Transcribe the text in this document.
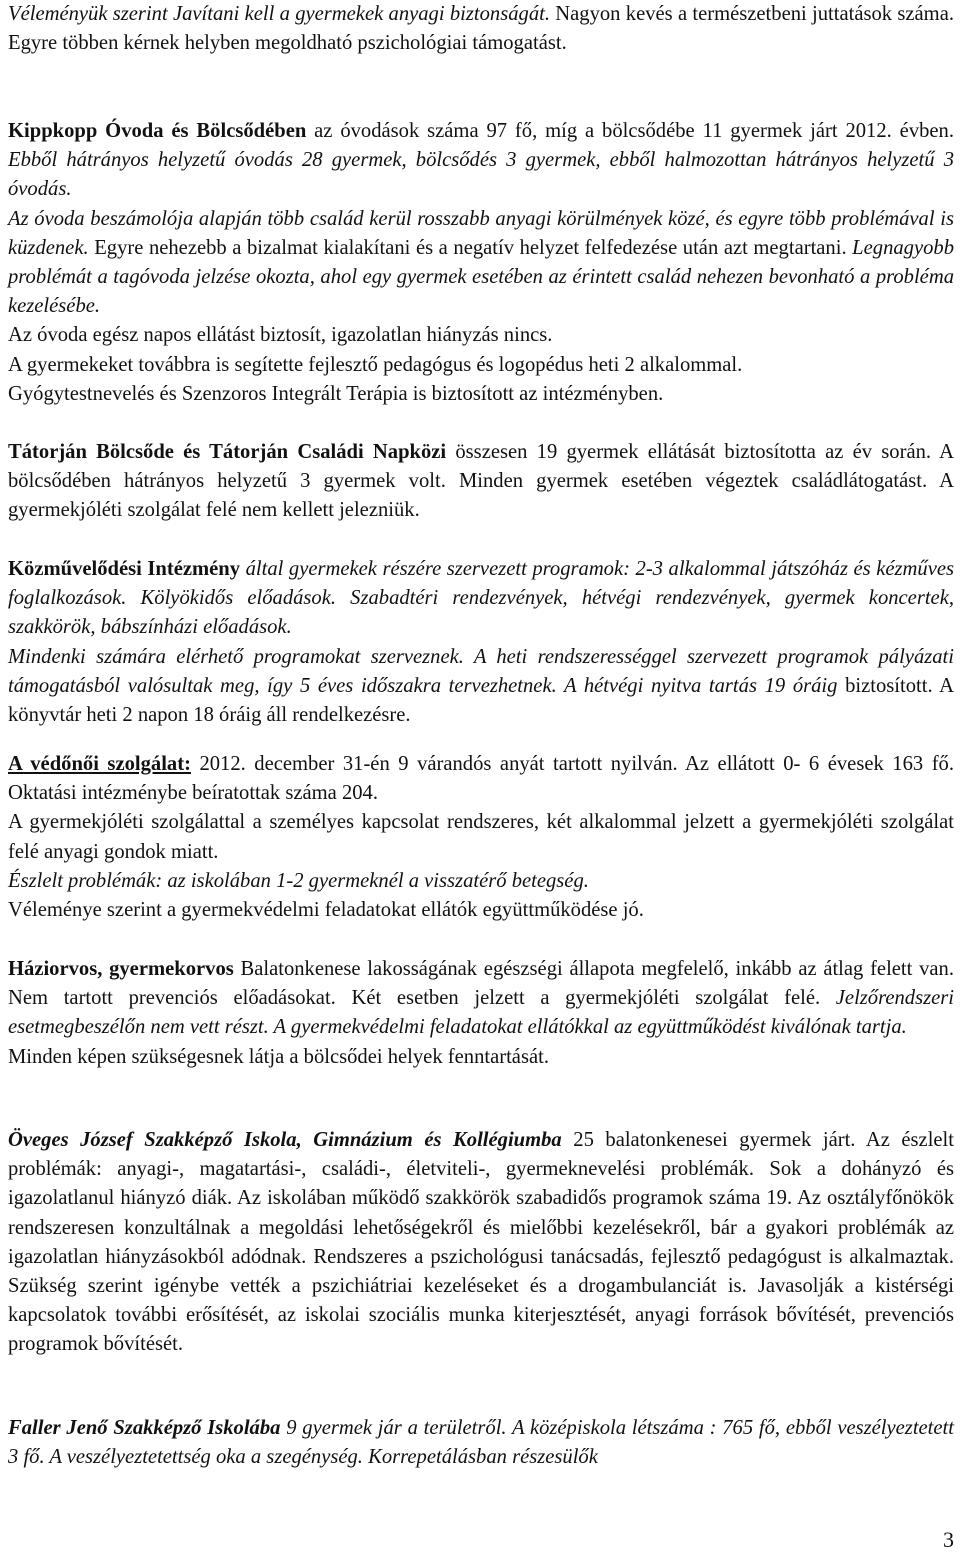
Véleményük szerint Javítani kell a gyermekek anyagi biztonságát. Nagyon kevés a természetbeni juttatások száma. Egyre többen kérnek helyben megoldható pszichológiai támogatást.

Kippkopp Óvoda és Bölcsődében az óvodások száma 97 fő, míg a bölcsődébe 11 gyermek járt 2012. évben. Ebből hátrányos helyzetű óvodás 28 gyermek, bölcsődés 3 gyermek, ebből halmozottan hátrányos helyzetű 3 óvodás.

Az óvoda beszámolója alapján több család kerül rosszabb anyagi körülmények közé, és egyre több problémával is küzdenek. Egyre nehezebb a bizalmat kialakítani és a negatív helyzet felfedezése után azt megtartani. Legnagyobb problémát a tagóvoda jelzése okozta, ahol egy gyermek esetében az érintett család nehezen bevonható a probléma kezelésébe.

Az óvoda egész napos ellátást biztosít, igazolatlan hiányzás nincs.
A gyermekeket továbbra is segítette fejlesztő pedagógus és logopédus heti 2 alkalommal.
Gyógytestnevelés és Szenzoros Integrált Terápia is biztosított az intézményben.

Tátorján Bölcsőde és Tátorján Családi Napközi összesen 19 gyermek ellátását biztosította az év során. A bölcsődében hátrányos helyzetű 3 gyermek volt. Minden gyermek esetében végeztek családlátogatást. A gyermekjóléti szolgálat felé nem kellett jelezniük.

Közművelődési Intézmény által gyermekek részére szervezett programok: 2-3 alkalommal játszóház és kézműves foglalkozások. Kölyökidős előadások. Szabadtéri rendezvények, hétvégi rendezvények, gyermek koncertek, szakkörök, bábszínházi előadások.

Mindenki számára elérhető programokat szerveznek. A heti rendszerességgel szervezett programok pályázati támogatásból valósultak meg, így 5 éves időszakra tervezhetnek. A hétvégi nyitva tartás 19 óráig biztosított. A könyvtár heti 2 napon 18 óráig áll rendelkezésre.

A védőnői szolgálat: 2012. december 31-én 9 várandós anyát tartott nyilván. Az ellátott 0- 6 évesek 163 fő. Oktatási intézménybe beíratottak száma 204.

A gyermekjóléti szolgálattal a személyes kapcsolat rendszeres, két alkalommal jelzett a gyermekjóléti szolgálat felé anyagi gondok miatt.

Észlelt problémák: az iskolában 1-2 gyermeknél a visszatérő betegség.
Véleménye szerint a gyermekvédelmi feladatokat ellátók együttműködése jó.

Háziorvos, gyermekorvos Balatonkenese lakosságának egészségi állapota megfelelő, inkább az átlag felett van. Nem tartott prevenciós előadásokat. Két esetben jelzett a gyermekjóléti szolgálat felé. Jelzőrendszeri esetmegbeszélőn nem vett részt. A gyermekvédelmi feladatokat ellátókkal az együttműködést kiválónak tartja.

Minden képen szükségesnek látja a bölcsődei helyek fenntartását.

Öveges József Szakképző Iskola, Gimnázium és Kollégiumba 25 balatonkenesei gyermek járt. Az észlelt problémák: anyagi-, magatartási-, családi-, életviteli-, gyermeknevelési problémák. Sok a dohányzó és igazolatlanul hiányzó diák. Az iskolában működő szakkörök szabadidős programok száma 19. Az osztályfőnökök rendszeresen konzultálnak a megoldási lehetőségekről és mielőbbi kezelésekről, bár a gyakori problémák az igazolatlan hiányzásokból adódnak. Rendszeres a pszichológusi tanácsadás, fejlesztő pedagógust is alkalmaztak. Szükség szerint igénybe vették a pszichiátriai kezeléseket és a drogambulanciát is. Javasolják a kistérségi kapcsolatok további erősítését, az iskolai szociális munka kiterjesztését, anyagi források bővítését, prevenciós programok bővítését.

Faller Jenő Szakképző Iskolába 9 gyermek jár a területről. A középiskola létszáma : 765 fő, ebből veszélyeztetett 3 fő. A veszélyeztetettség oka a szegénység. Korrepetálásban részesülők

3
